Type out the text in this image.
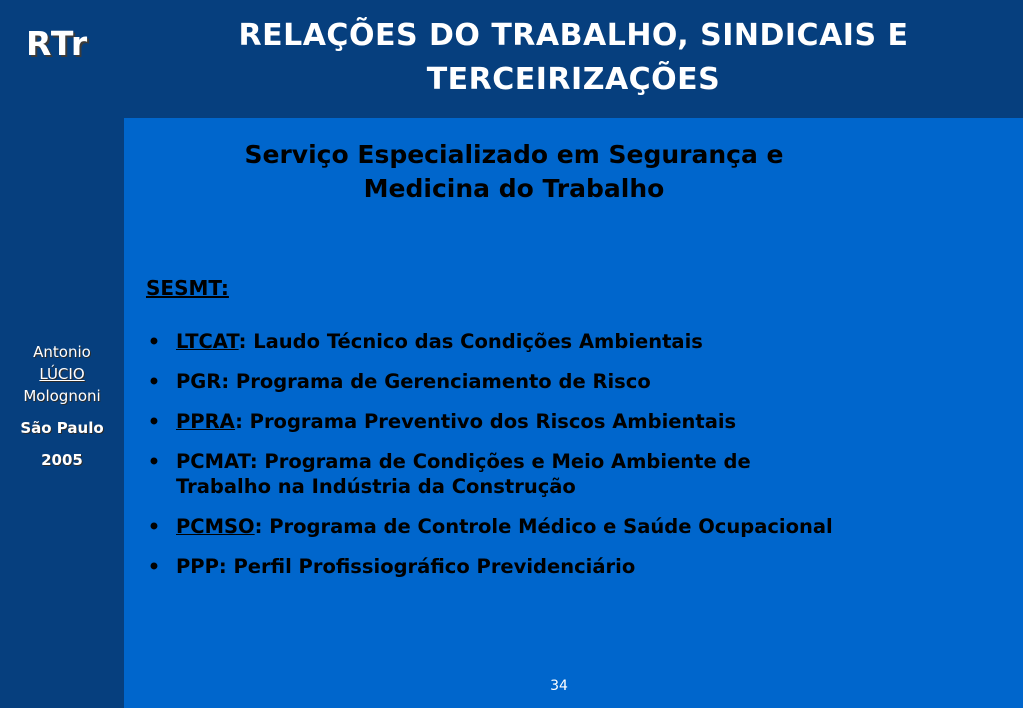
RTr
Antonio
LÚCIO
Molognoni
São Paulo
2005
RELAÇÕES DO TRABALHO, SINDICAIS E
TERCEIRIZAÇÕES
Serviço Especializado em Segurança e
Medicina do Trabalho
SESMT:
• LTCAT: Laudo Técnico das Condições Ambientais
• PGR: Programa de Gerenciamento de Risco
• PPRA: Programa Preventivo dos Riscos Ambientais
• PCMAT: Programa de Condições e Meio Ambiente de
Trabalho na Indústria da Construção
• PCMSO: Programa de Controle Médico e Saúde Ocupacional
• PPP: Perfil Profissiográfico Previdenciário
34
